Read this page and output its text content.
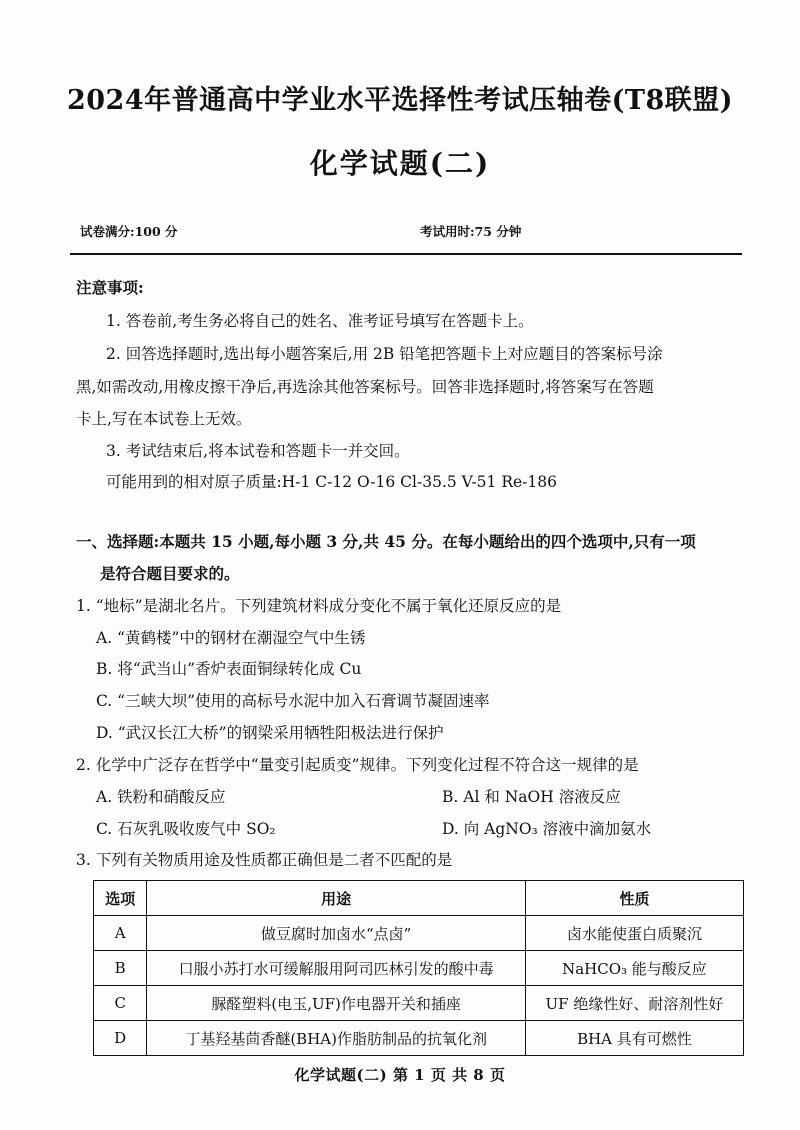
2024年普通高中学业水平选择性考试压轴卷(T8联盟)
化学试题(二)
试卷满分:100 分	考试用时:75 分钟
注意事项:
1. 答卷前,考生务必将自己的姓名、准考证号填写在答题卡上。
2. 回答选择题时,选出每小题答案后,用 2B 铅笔把答题卡上对应题目的答案标号涂
黑,如需改动,用橡皮擦干净后,再选涂其他答案标号。回答非选择题时,将答案写在答题
卡上,写在本试卷上无效。
3. 考试结束后,将本试卷和答题卡一并交回。
可能用到的相对原子质量:H-1 C-12 O-16 Cl-35.5 V-51 Re-186
一、选择题:本题共 15 小题,每小题 3 分,共 45 分。在每小题给出的四个选项中,只有一项
是符合题目要求的。
1. “地标”是湖北名片。下列建筑材料成分变化不属于氧化还原反应的是
A. “黄鹤楼”中的钢材在潮湿空气中生锈
B. 将“武当山”香炉表面铜绿转化成 Cu
C. “三峡大坝”使用的高标号水泥中加入石膏调节凝固速率
D. “武汉长江大桥”的钢梁采用牺牲阳极法进行保护
2. 化学中广泛存在哲学中“量变引起质变”规律。下列变化过程不符合这一规律的是
A. 铁粉和硝酸反应	B. Al 和 NaOH 溶液反应
C. 石灰乳吸收废气中 SO₂	D. 向 AgNO₃ 溶液中滴加氨水
3. 下列有关物质用途及性质都正确但是二者不匹配的是
选项	用途	性质
A	做豆腐时加卤水“点卤”	卤水能使蛋白质聚沉
B	口服小苏打水可缓解服用阿司匹林引发的酸中毒	NaHCO₃ 能与酸反应
C	脲醛塑料(电玉,UF)作电器开关和插座	UF 绝缘性好、耐溶剂性好
D	丁基羟基茴香醚(BHA)作脂肪制品的抗氧化剂	BHA 具有可燃性
化学试题(二) 第 1 页 共 8 页
